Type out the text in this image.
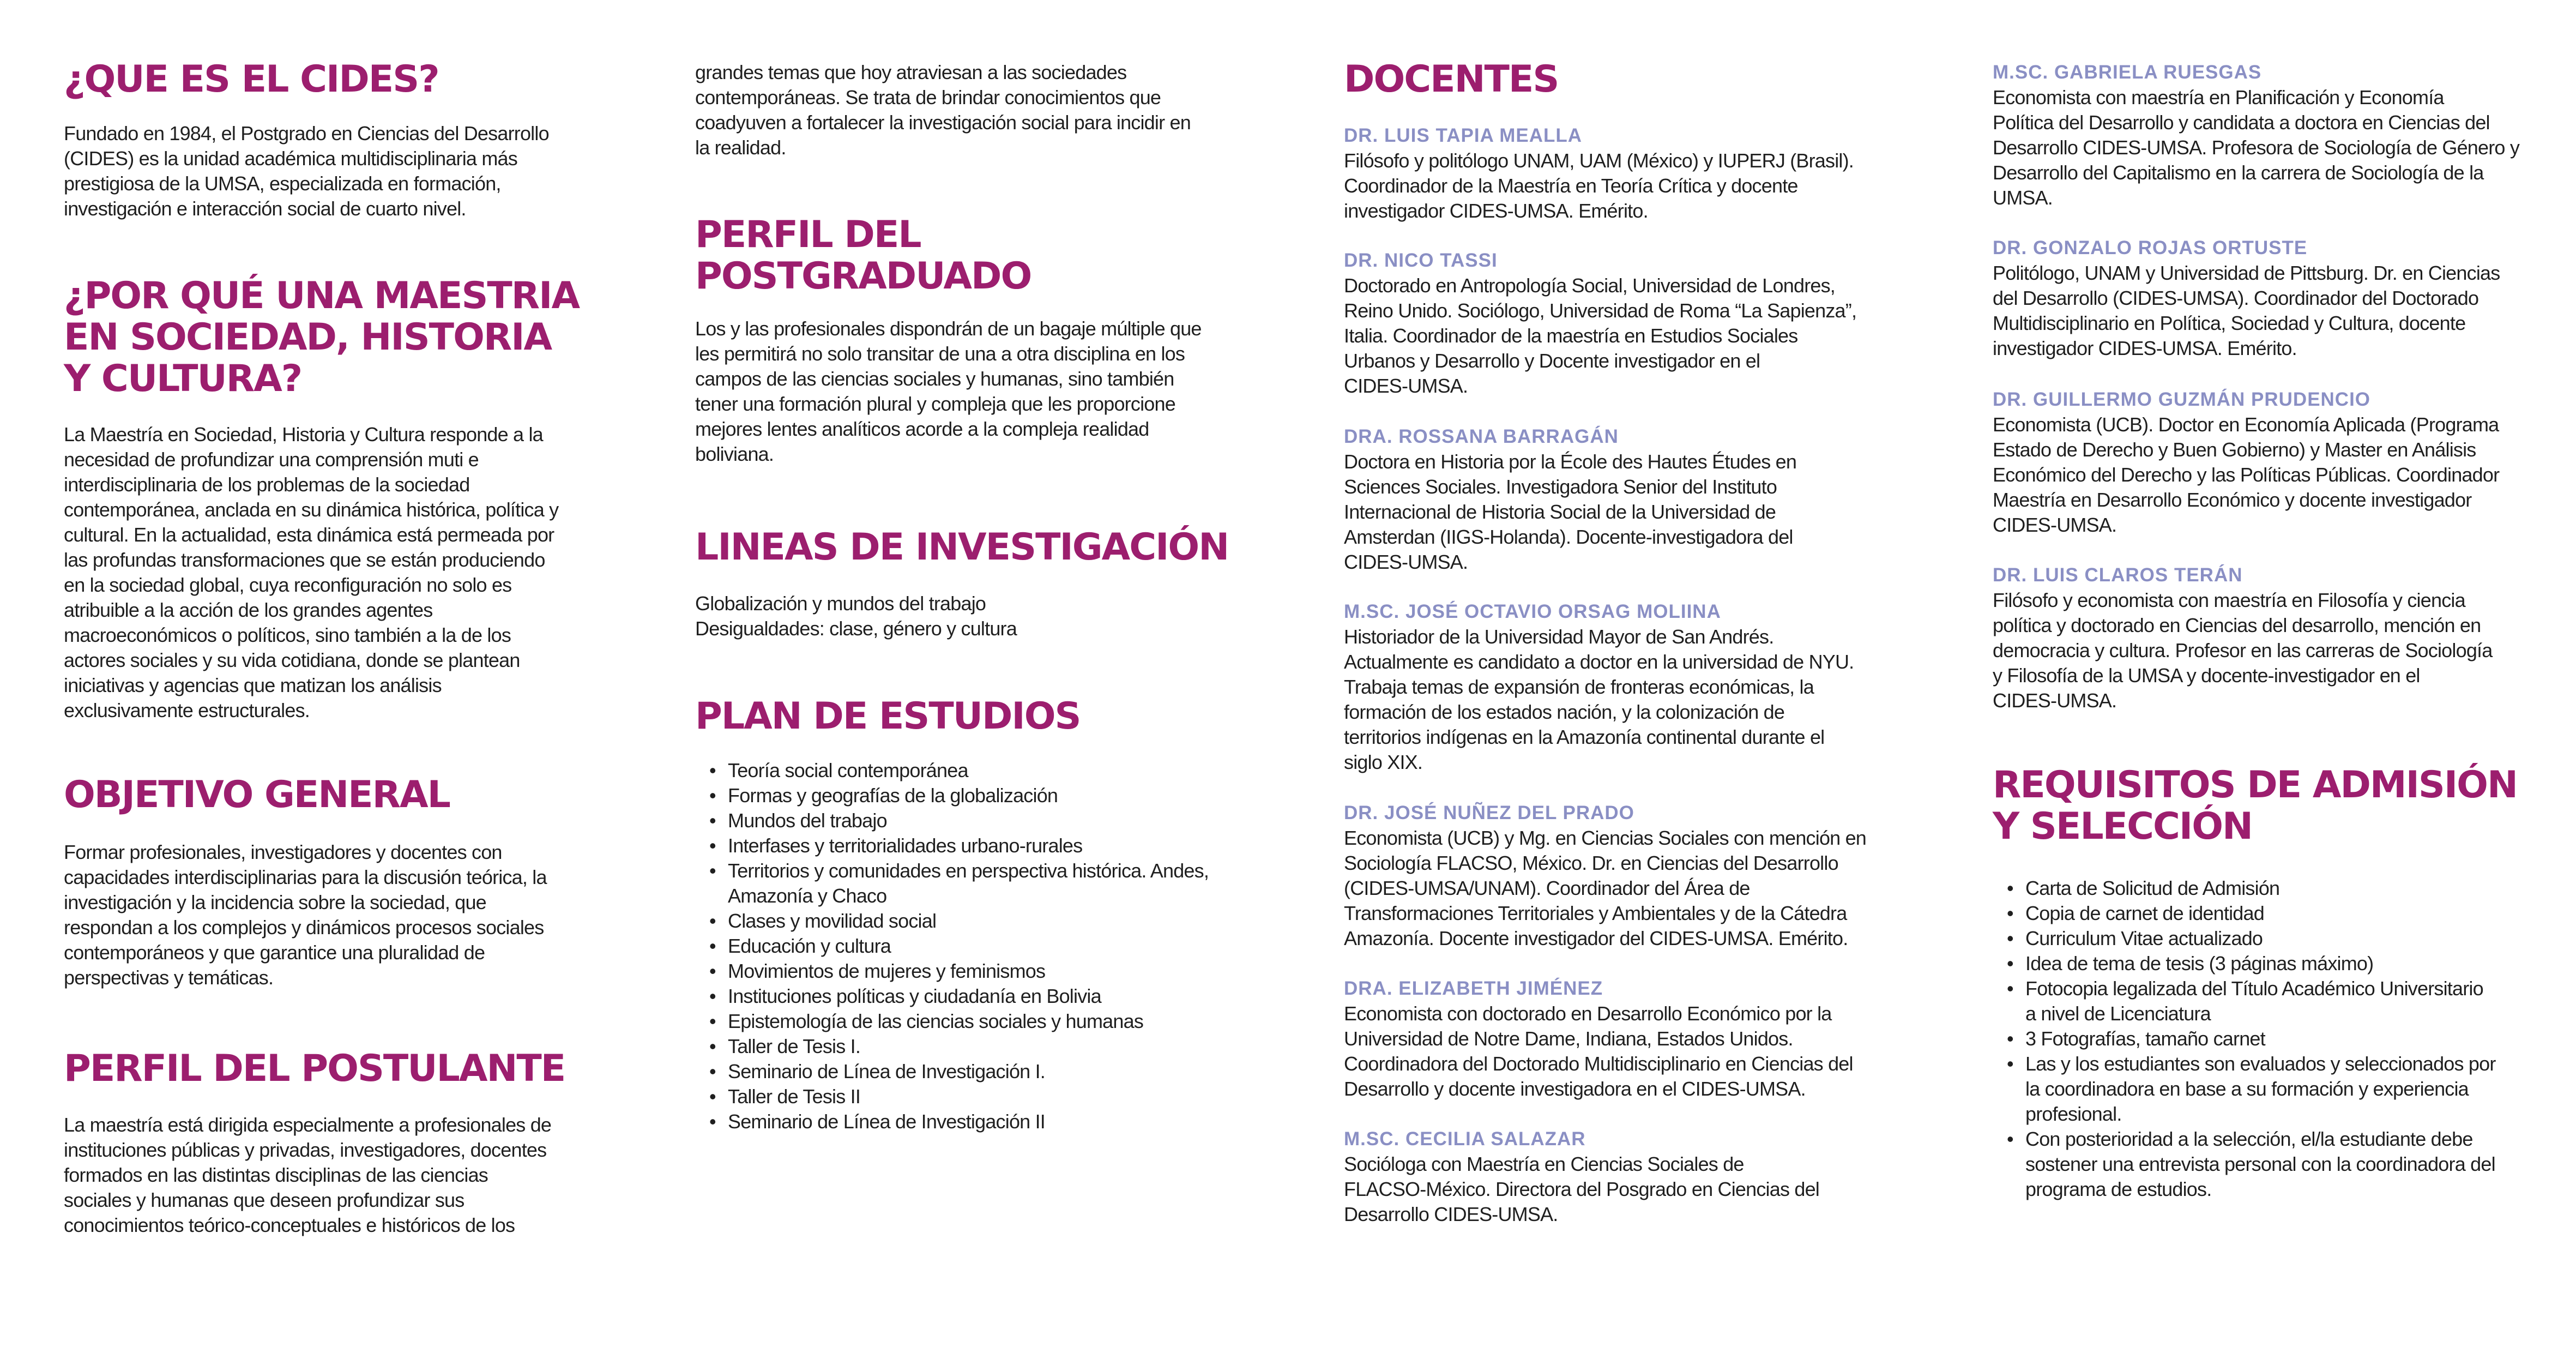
¿QUE ES EL CIDES?

Fundado en 1984, el Postgrado en Ciencias del Desarrollo
(CIDES) es la unidad académica multidisciplinaria más
prestigiosa de la UMSA, especializada en formación,
investigación e interacción social de cuarto nivel.

¿POR QUÉ UNA MAESTRIA
EN SOCIEDAD, HISTORIA
Y CULTURA?

La Maestría en Sociedad, Historia y Cultura responde a la
necesidad de profundizar una comprensión muti e
interdisciplinaria de los problemas de la sociedad
contemporánea, anclada en su dinámica histórica, política y
cultural. En la actualidad, esta dinámica está permeada por
las profundas transformaciones que se están produciendo
en la sociedad global, cuya reconfiguración no solo es
atribuible a la acción de los grandes agentes
macroeconómicos o políticos, sino también a la de los
actores sociales y su vida cotidiana, donde se plantean
iniciativas y agencias que matizan los análisis
exclusivamente estructurales.

OBJETIVO GENERAL

Formar profesionales, investigadores y docentes con
capacidades interdisciplinarias para la discusión teórica, la
investigación y la incidencia sobre la sociedad, que
respondan a los complejos y dinámicos procesos sociales
contemporáneos y que garantice una pluralidad de
perspectivas y temáticas.

PERFIL DEL POSTULANTE

La maestría está dirigida especialmente a profesionales de
instituciones públicas y privadas, investigadores, docentes
formados en las distintas disciplinas de las ciencias
sociales y humanas que deseen profundizar sus
conocimientos teórico-conceptuales e históricos de los

grandes temas que hoy atraviesan a las sociedades
contemporáneas. Se trata de brindar conocimientos que
coadyuven a fortalecer la investigación social para incidir en
la realidad.

PERFIL DEL
POSTGRADUADO

Los y las profesionales dispondrán de un bagaje múltiple que
les permitirá no solo transitar de una a otra disciplina en los
campos de las ciencias sociales y humanas, sino también
tener una formación plural y compleja que les proporcione
mejores lentes analíticos acorde a la compleja realidad
boliviana.

LINEAS DE INVESTIGACIÓN

Globalización y mundos del trabajo
Desigualdades: clase, género y cultura

PLAN DE ESTUDIOS
• Teoría social contemporánea
• Formas y geografías de la globalización
• Mundos del trabajo
• Interfases y territorialidades urbano-rurales
• Territorios y comunidades en perspectiva histórica. Andes,
Amazonía y Chaco
• Clases y movilidad social
• Educación y cultura
• Movimientos de mujeres y feminismos
• Instituciones políticas y ciudadanía en Bolivia
• Epistemología de las ciencias sociales y humanas
• Taller de Tesis I.
• Seminario de Línea de Investigación I.
• Taller de Tesis II
• Seminario de Línea de Investigación II
DOCENTES
DR. LUIS TAPIA MEALLA
Filósofo y politólogo UNAM, UAM (México) y IUPERJ (Brasil).
Coordinador de la Maestría en Teoría Crítica y docente
investigador CIDES-UMSA. Emérito.
DR. NICO TASSI
Doctorado en Antropología Social, Universidad de Londres,
Reino Unido. Sociólogo, Universidad de Roma “La Sapienza”,
Italia. Coordinador de la maestría en Estudios Sociales
Urbanos y Desarrollo y Docente investigador en el
CIDES-UMSA.
DRA. ROSSANA BARRAGÁN
Doctora en Historia por la École des Hautes Études en
Sciences Sociales. Investigadora Senior del Instituto
Internacional de Historia Social de la Universidad de
Amsterdan (IIGS-Holanda). Docente-investigadora del
CIDES-UMSA.
M.SC. JOSÉ OCTAVIO ORSAG MOLIINA
Historiador de la Universidad Mayor de San Andrés.
Actualmente es candidato a doctor en la universidad de NYU.
Trabaja temas de expansión de fronteras económicas, la
formación de los estados nación, y la colonización de
territorios indígenas en la Amazonía continental durante el
siglo XIX.
DR. JOSÉ NUÑEZ DEL PRADO
Economista (UCB) y Mg. en Ciencias Sociales con mención en
Sociología FLACSO, México. Dr. en Ciencias del Desarrollo
(CIDES-UMSA/UNAM). Coordinador del Área de
Transformaciones Territoriales y Ambientales y de la Cátedra
Amazonía. Docente investigador del CIDES-UMSA. Emérito.
DRA. ELIZABETH JIMÉNEZ
Economista con doctorado en Desarrollo Económico por la
Universidad de Notre Dame, Indiana, Estados Unidos.
Coordinadora del Doctorado Multidisciplinario en Ciencias del
Desarrollo y docente investigadora en el CIDES-UMSA.
M.SC. CECILIA SALAZAR
Socióloga con Maestría en Ciencias Sociales de
FLACSO-México. Directora del Posgrado en Ciencias del
Desarrollo CIDES-UMSA.
M.SC. GABRIELA RUESGAS
Economista con maestría en Planificación y Economía
Política del Desarrollo y candidata a doctora en Ciencias del
Desarrollo CIDES-UMSA. Profesora de Sociología de Género y
Desarrollo del Capitalismo en la carrera de Sociología de la
UMSA.
DR. GONZALO ROJAS ORTUSTE
Politólogo, UNAM y Universidad de Pittsburg. Dr. en Ciencias
del Desarrollo (CIDES-UMSA). Coordinador del Doctorado
Multidisciplinario en Política, Sociedad y Cultura, docente
investigador CIDES-UMSA. Emérito.
DR. GUILLERMO GUZMÁN PRUDENCIO
Economista (UCB). Doctor en Economía Aplicada (Programa
Estado de Derecho y Buen Gobierno) y Master en Análisis
Económico del Derecho y las Políticas Públicas. Coordinador
Maestría en Desarrollo Económico y docente investigador
CIDES-UMSA.
DR. LUIS CLAROS TERÁN
Filósofo y economista con maestría en Filosofía y ciencia
política y doctorado en Ciencias del desarrollo, mención en
democracia y cultura. Profesor en las carreras de Sociología
y Filosofía de la UMSA y docente-investigador en el
CIDES-UMSA.
REQUISITOS DE ADMISIÓN
Y SELECCIÓN
• Carta de Solicitud de Admisión
• Copia de carnet de identidad
• Curriculum Vitae actualizado
• Idea de tema de tesis (3 páginas máximo)
• Fotocopia legalizada del Título Académico Universitario
a nivel de Licenciatura
• 3 Fotografías, tamaño carnet
• Las y los estudiantes son evaluados y seleccionados por
la coordinadora en base a su formación y experiencia
profesional.
• Con posterioridad a la selección, el/la estudiante debe
sostener una entrevista personal con la coordinadora del
programa de estudios.
